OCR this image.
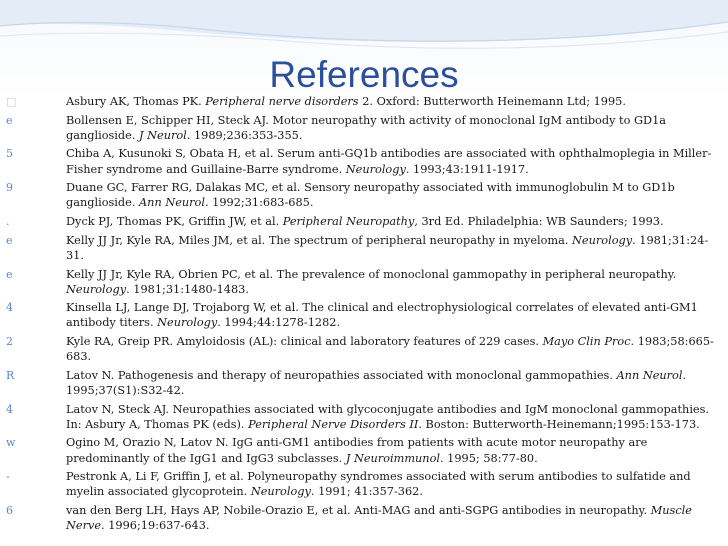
References
□	Asbury AK, Thomas PK. Peripheral nerve disorders 2. Oxford: Butterworth Heinemann Ltd; 1995.
e	Bollensen E, Schipper HI, Steck AJ. Motor neuropathy with activity of monoclonal IgM antibody to GD1a ganglioside. J Neurol. 1989;236:353-355.
5	Chiba A, Kusunoki S, Obata H, et al. Serum anti-GQ1b antibodies are associated with ophthalmoplegia in Miller-Fisher syndrome and Guillaine-Barre syndrome. Neurology. 1993;43:1911-1917.
9	Duane GC, Farrer RG, Dalakas MC, et al. Sensory neuropathy associated with immunoglobulin M to GD1b ganglioside. Ann Neurol. 1992;31:683-685.
.	Dyck PJ, Thomas PK, Griffin JW, et al. Peripheral Neuropathy, 3rd Ed. Philadelphia: WB Saunders; 1993.
e	Kelly JJ Jr, Kyle RA, Miles JM, et al. The spectrum of peripheral neuropathy in myeloma. Neurology. 1981;31:24-31.
e	Kelly JJ Jr, Kyle RA, Obrien PC, et al. The prevalence of monoclonal gammopathy in peripheral neuropathy. Neurology. 1981;31:1480-1483.
4	Kinsella LJ, Lange DJ, Trojaborg W, et al. The clinical and electrophysiological correlates of elevated anti-GM1 antibody titers. Neurology. 1994;44:1278-1282.
2	Kyle RA, Greip PR. Amyloidosis (AL): clinical and laboratory features of 229 cases. Mayo Clin Proc. 1983;58:665-683.
R	Latov N. Pathogenesis and therapy of neuropathies associated with monoclonal gammopathies. Ann Neurol. 1995;37(S1):S32-42.
4	Latov N, Steck AJ. Neuropathies associated with glycoconjugate antibodies and IgM monoclonal gammopathies. In: Asbury A, Thomas PK (eds). Peripheral Nerve Disorders II. Boston: Butterworth-Heinemann;1995:153-173.
w	Ogino M, Orazio N, Latov N. IgG anti-GM1 antibodies from patients with acute motor neuropathy are predominantly of the IgG1 and IgG3 subclasses. J Neuroimmunol. 1995; 58:77-80.
-	Pestronk A, Li F, Griffin J, et al. Polyneuropathy syndromes associated with serum antibodies to sulfatide and myelin associated glycoprotein. Neurology. 1991; 41:357-362.
6	van den Berg LH, Hays AP, Nobile-Orazio E, et al. Anti-MAG and anti-SGPG antibodies in neuropathy. Muscle Nerve. 1996;19:637-643.
